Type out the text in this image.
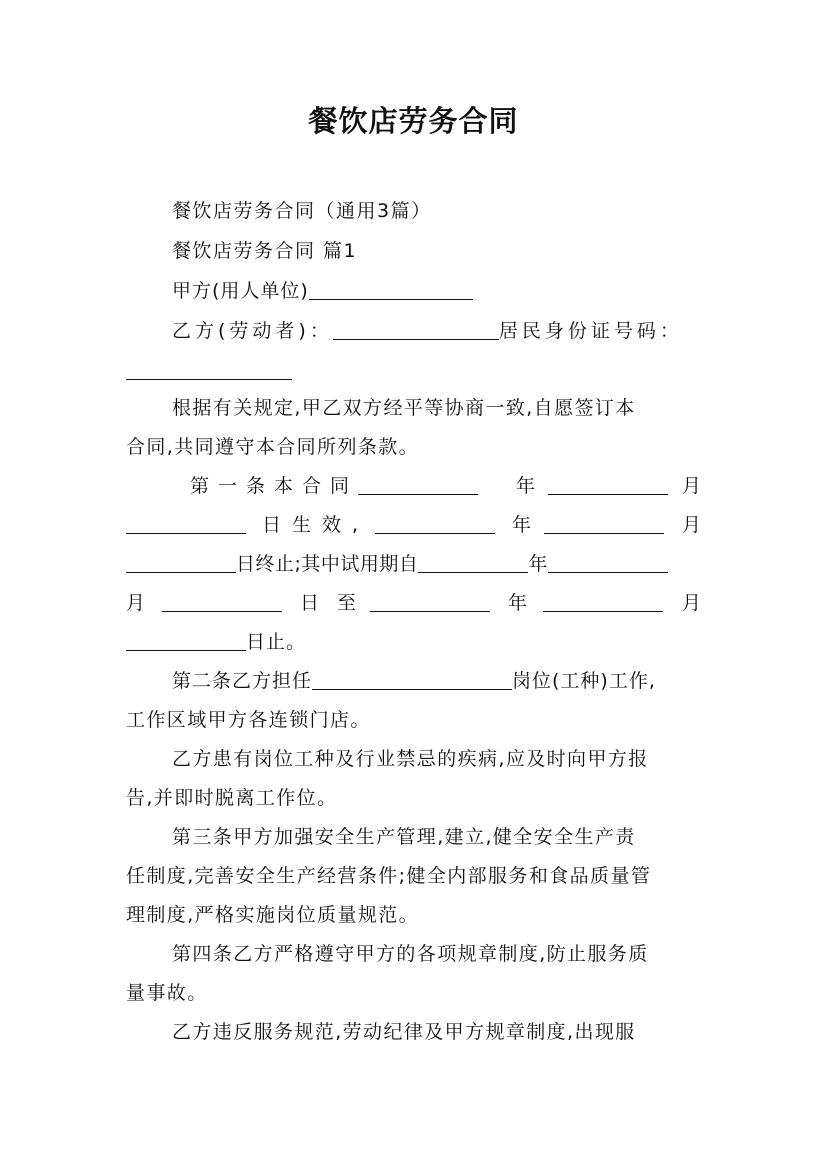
餐饮店劳务合同
餐饮店劳务合同（通用3篇）
餐饮店劳务合同 篇1
甲方(用人单位)
乙方(劳动者)：	居民身份证号码：
根据有关规定,甲乙双方经平等协商一致,自愿签订本
合同,共同遵守本合同所列条款。
第一条本合同	年	月
日生效,	年	月
日终止;其中试用期自	年
月	日至	年	月
日止。
第二条乙方担任	岗位(工种)工作,
工作区域甲方各连锁门店。
乙方患有岗位工种及行业禁忌的疾病,应及时向甲方报
告,并即时脱离工作位。
第三条甲方加强安全生产管理,建立,健全安全生产责
任制度,完善安全生产经营条件;健全内部服务和食品质量管
理制度,严格实施岗位质量规范。
第四条乙方严格遵守甲方的各项规章制度,防止服务质
量事故。
乙方违反服务规范,劳动纪律及甲方规章制度,出现服
